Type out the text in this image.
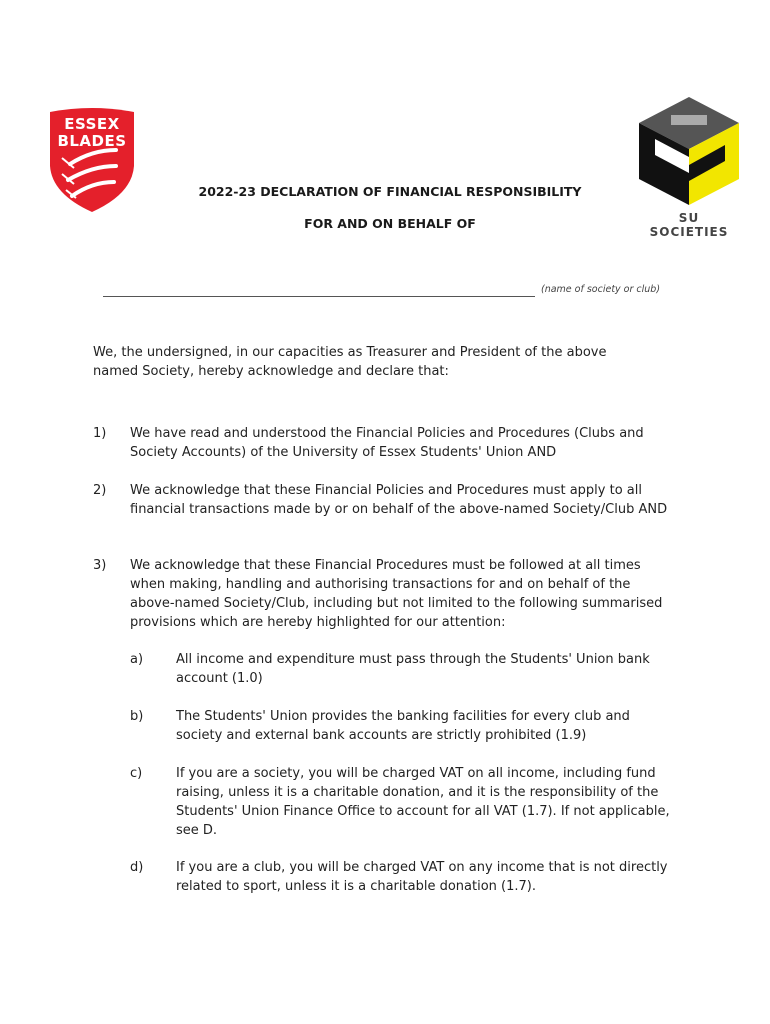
ESSEX
BLADES
SU SOCIETIES
2022-23 DECLARATION OF FINANCIAL RESPONSIBILITY
FOR AND ON BEHALF OF
(name of society or club)
We, the undersigned, in our capacities as Treasurer and President of the above named Society, hereby acknowledge and declare that:
1) We have read and understood the Financial Policies and Procedures (Clubs and Society Accounts) of the University of Essex Students' Union AND
2) We acknowledge that these Financial Policies and Procedures must apply to all financial transactions made by or on behalf of the above-named Society/Club AND
3) We acknowledge that these Financial Procedures must be followed at all times when making, handling and authorising transactions for and on behalf of the above-named Society/Club, including but not limited to the following summarised provisions which are hereby highlighted for our attention:
a)	All income and expenditure must pass through the Students' Union bank account (1.0)
b)	The Students' Union provides the banking facilities for every club and society and external bank accounts are strictly prohibited (1.9)
c)	If you are a society, you will be charged VAT on all income, including fund raising, unless it is a charitable donation, and it is the responsibility of the Students' Union Finance Office to account for all VAT (1.7). If not applicable, see D.
d)	If you are a club, you will be charged VAT on any income that is not directly related to sport, unless it is a charitable donation (1.7).
